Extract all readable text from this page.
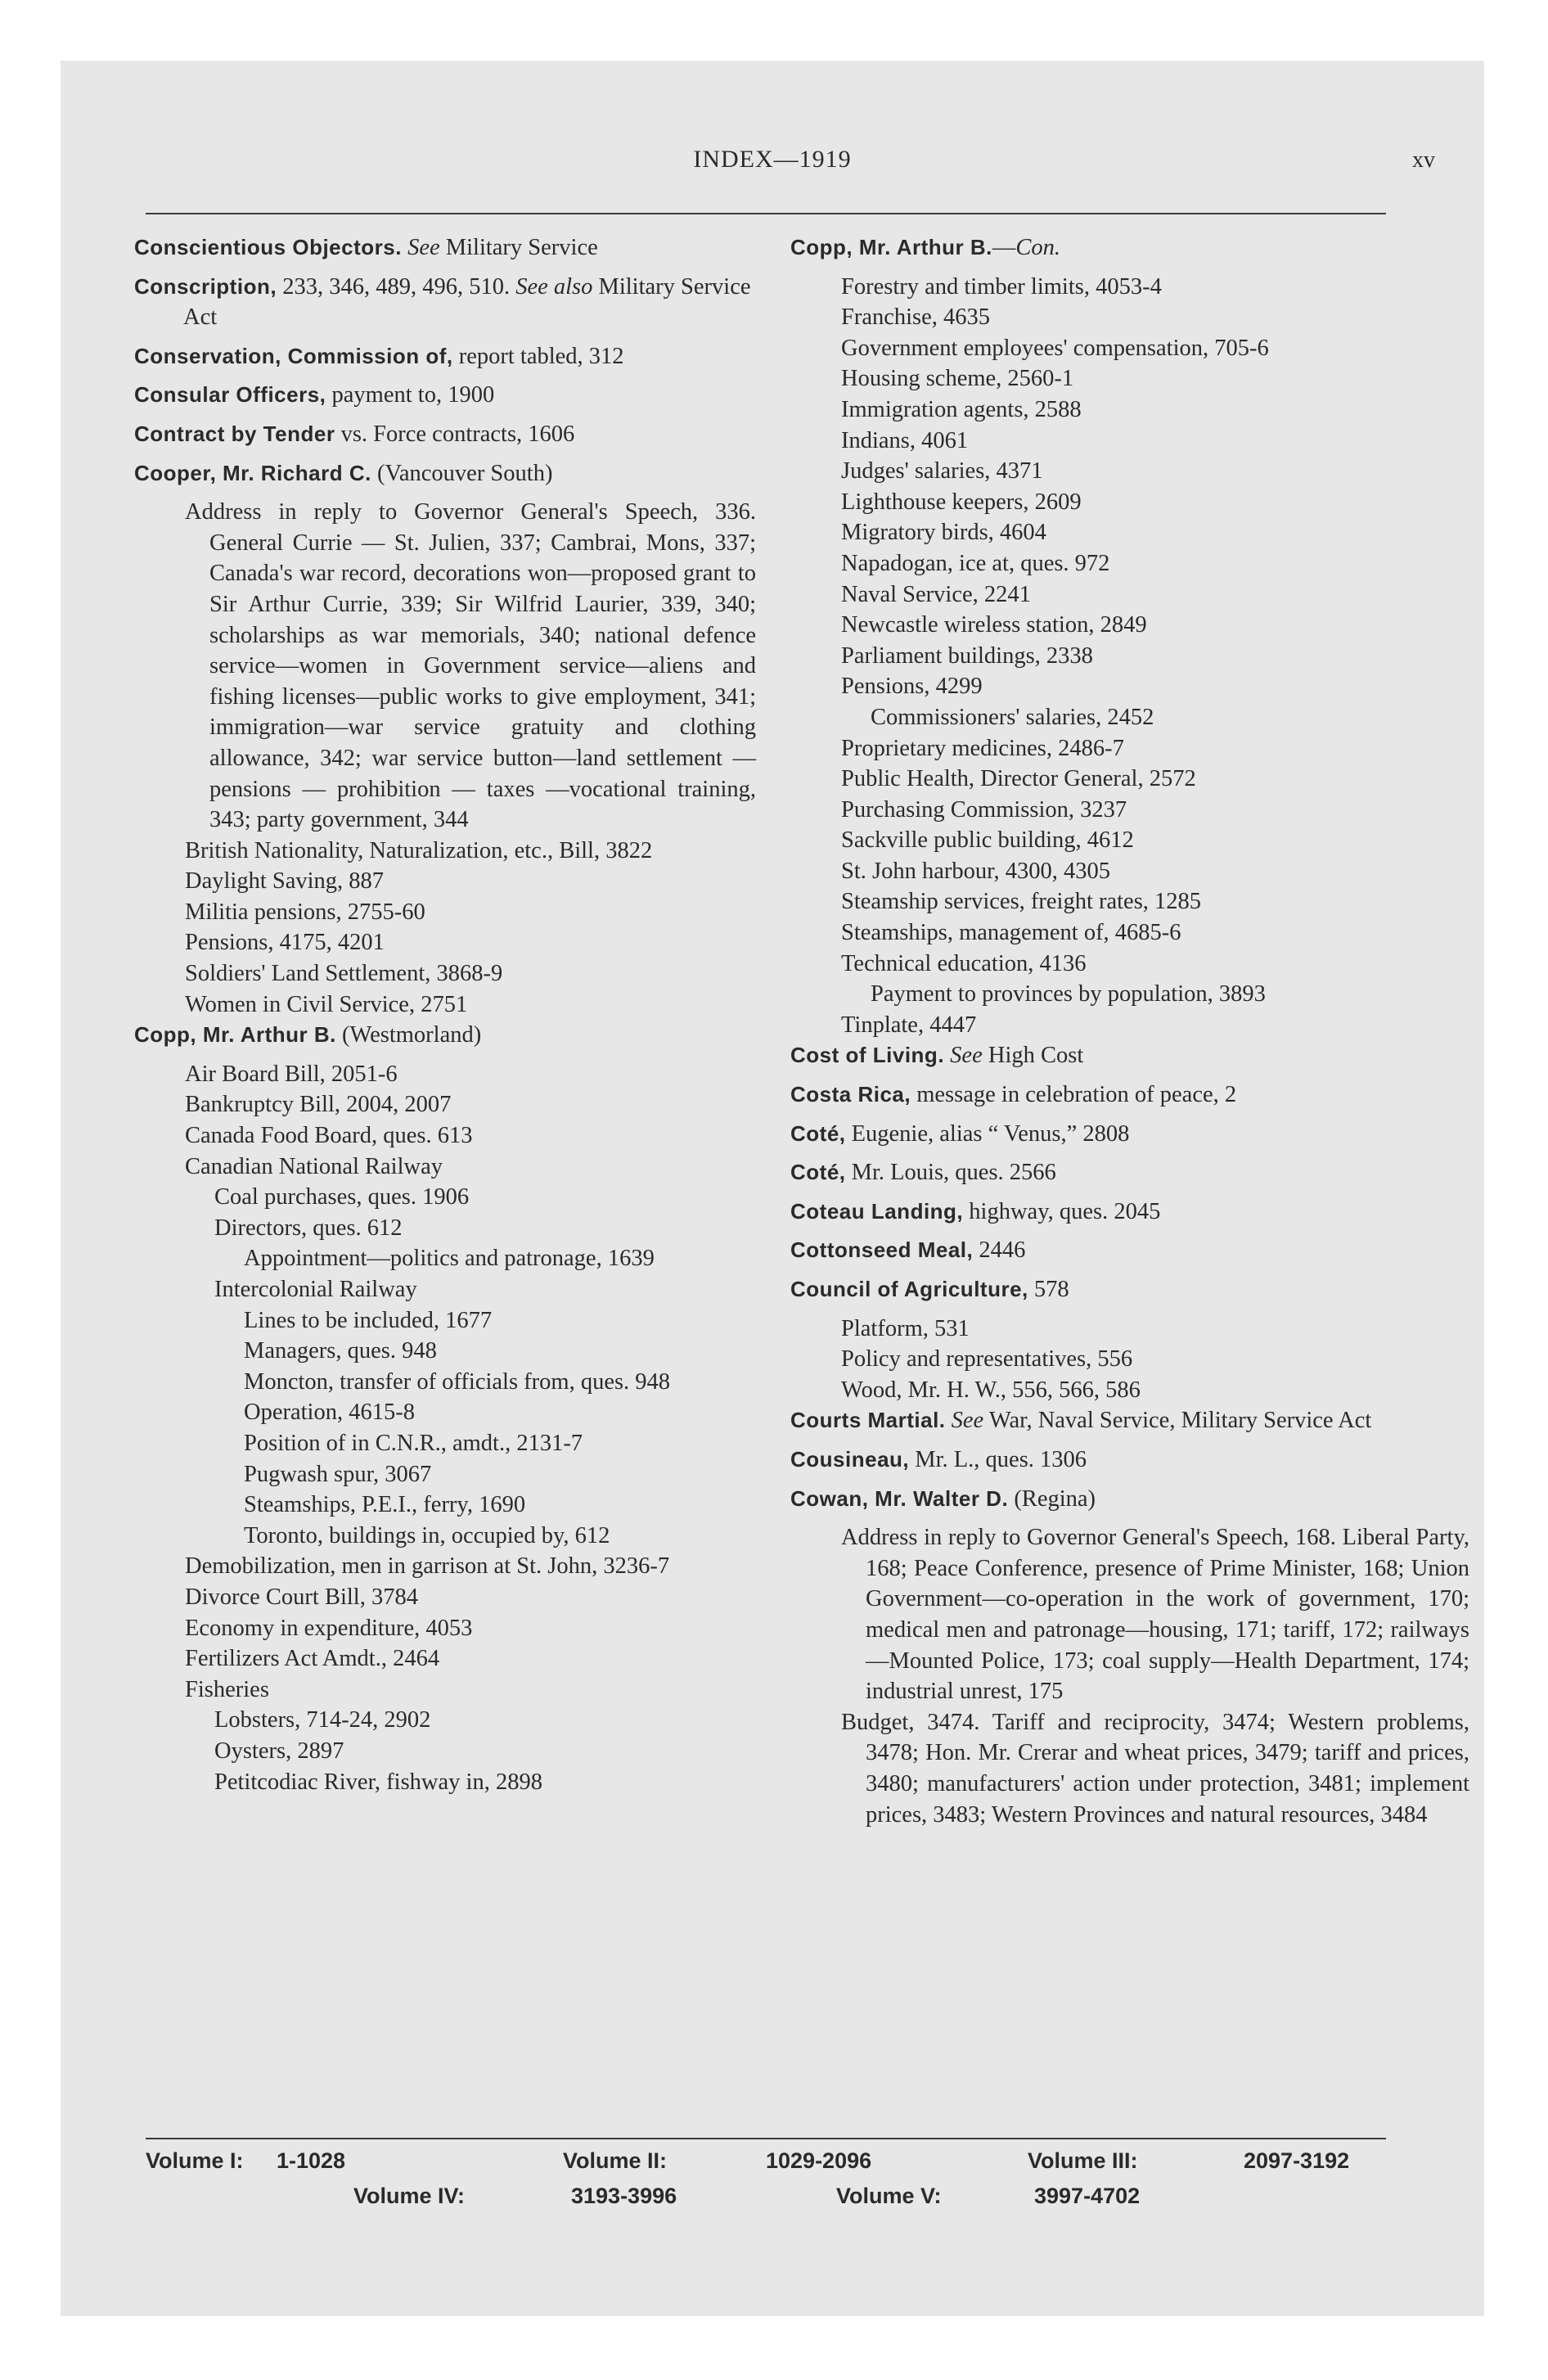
INDEX—1919	xv
Conscientious Objectors. See Military Service
Conscription, 233, 346, 489, 496, 510. See also Military Service Act
Conservation, Commission of, report tabled, 312
Consular Officers, payment to, 1900
Contract by Tender vs. Force contracts, 1606
Cooper, Mr. Richard C. (Vancouver South)
Address in reply to Governor General's Speech, 336. General Currie — St. Julien, 337; Cambrai, Mons, 337; Canada's war record, decorations won—proposed grant to Sir Arthur Currie, 339; Sir Wilfrid Laurier, 339, 340; scholarships as war memorials, 340; national defence service—women in Government service—aliens and fishing licenses—public works to give employment, 341; immigration—war service gratuity and clothing allowance, 342; war service button—land settlement — pensions — prohibition — taxes —vocational training, 343; party government, 344
British Nationality, Naturalization, etc., Bill, 3822
Daylight Saving, 887
Militia pensions, 2755-60
Pensions, 4175, 4201
Soldiers' Land Settlement, 3868-9
Women in Civil Service, 2751
Copp, Mr. Arthur B. (Westmorland)
Air Board Bill, 2051-6
Bankruptcy Bill, 2004, 2007
Canada Food Board, ques. 613
Canadian National Railway
Coal purchases, ques. 1906
Directors, ques. 612
Appointment—politics and patronage, 1639
Intercolonial Railway
Lines to be included, 1677
Managers, ques. 948
Moncton, transfer of officials from, ques. 948
Operation, 4615-8
Position of in C.N.R., amdt., 2131-7
Pugwash spur, 3067
Steamships, P.E.I., ferry, 1690
Toronto, buildings in, occupied by, 612
Demobilization, men in garrison at St. John, 3236-7
Divorce Court Bill, 3784
Economy in expenditure, 4053
Fertilizers Act Amdt., 2464
Fisheries
Lobsters, 714-24, 2902
Oysters, 2897
Petitcodiac River, fishway in, 2898
Copp, Mr. Arthur B.—Con.
Forestry and timber limits, 4053-4
Franchise, 4635
Government employees' compensation, 705-6
Housing scheme, 2560-1
Immigration agents, 2588
Indians, 4061
Judges' salaries, 4371
Lighthouse keepers, 2609
Migratory birds, 4604
Napadogan, ice at, ques. 972
Naval Service, 2241
Newcastle wireless station, 2849
Parliament buildings, 2338
Pensions, 4299
Commissioners' salaries, 2452
Proprietary medicines, 2486-7
Public Health, Director General, 2572
Purchasing Commission, 3237
Sackville public building, 4612
St. John harbour, 4300, 4305
Steamship services, freight rates, 1285
Steamships, management of, 4685-6
Technical education, 4136
Payment to provinces by population, 3893
Tinplate, 4447
Cost of Living. See High Cost
Costa Rica, message in celebration of peace, 2
Coté, Eugenie, alias “ Venus,” 2808
Coté, Mr. Louis, ques. 2566
Coteau Landing, highway, ques. 2045
Cottonseed Meal, 2446
Council of Agriculture, 578
Platform, 531
Policy and representatives, 556
Wood, Mr. H. W., 556, 566, 586
Courts Martial. See War, Naval Service, Military Service Act
Cousineau, Mr. L., ques. 1306
Cowan, Mr. Walter D. (Regina)
Address in reply to Governor General's Speech, 168. Liberal Party, 168; Peace Conference, presence of Prime Minister, 168; Union Government—co-operation in the work of government, 170; medical men and patronage—housing, 171; tariff, 172; railways—Mounted Police, 173; coal supply—Health Department, 174; industrial unrest, 175
Budget, 3474. Tariff and reciprocity, 3474; Western problems, 3478; Hon. Mr. Crerar and wheat prices, 3479; tariff and prices, 3480; manufacturers' action under protection, 3481; implement prices, 3483; Western Provinces and natural resources, 3484
Volume I: 1-1028	Volume II:	1029-2096	Volume III:	2097-3192
Volume IV:	3193-3996	Volume V:	3997-4702
